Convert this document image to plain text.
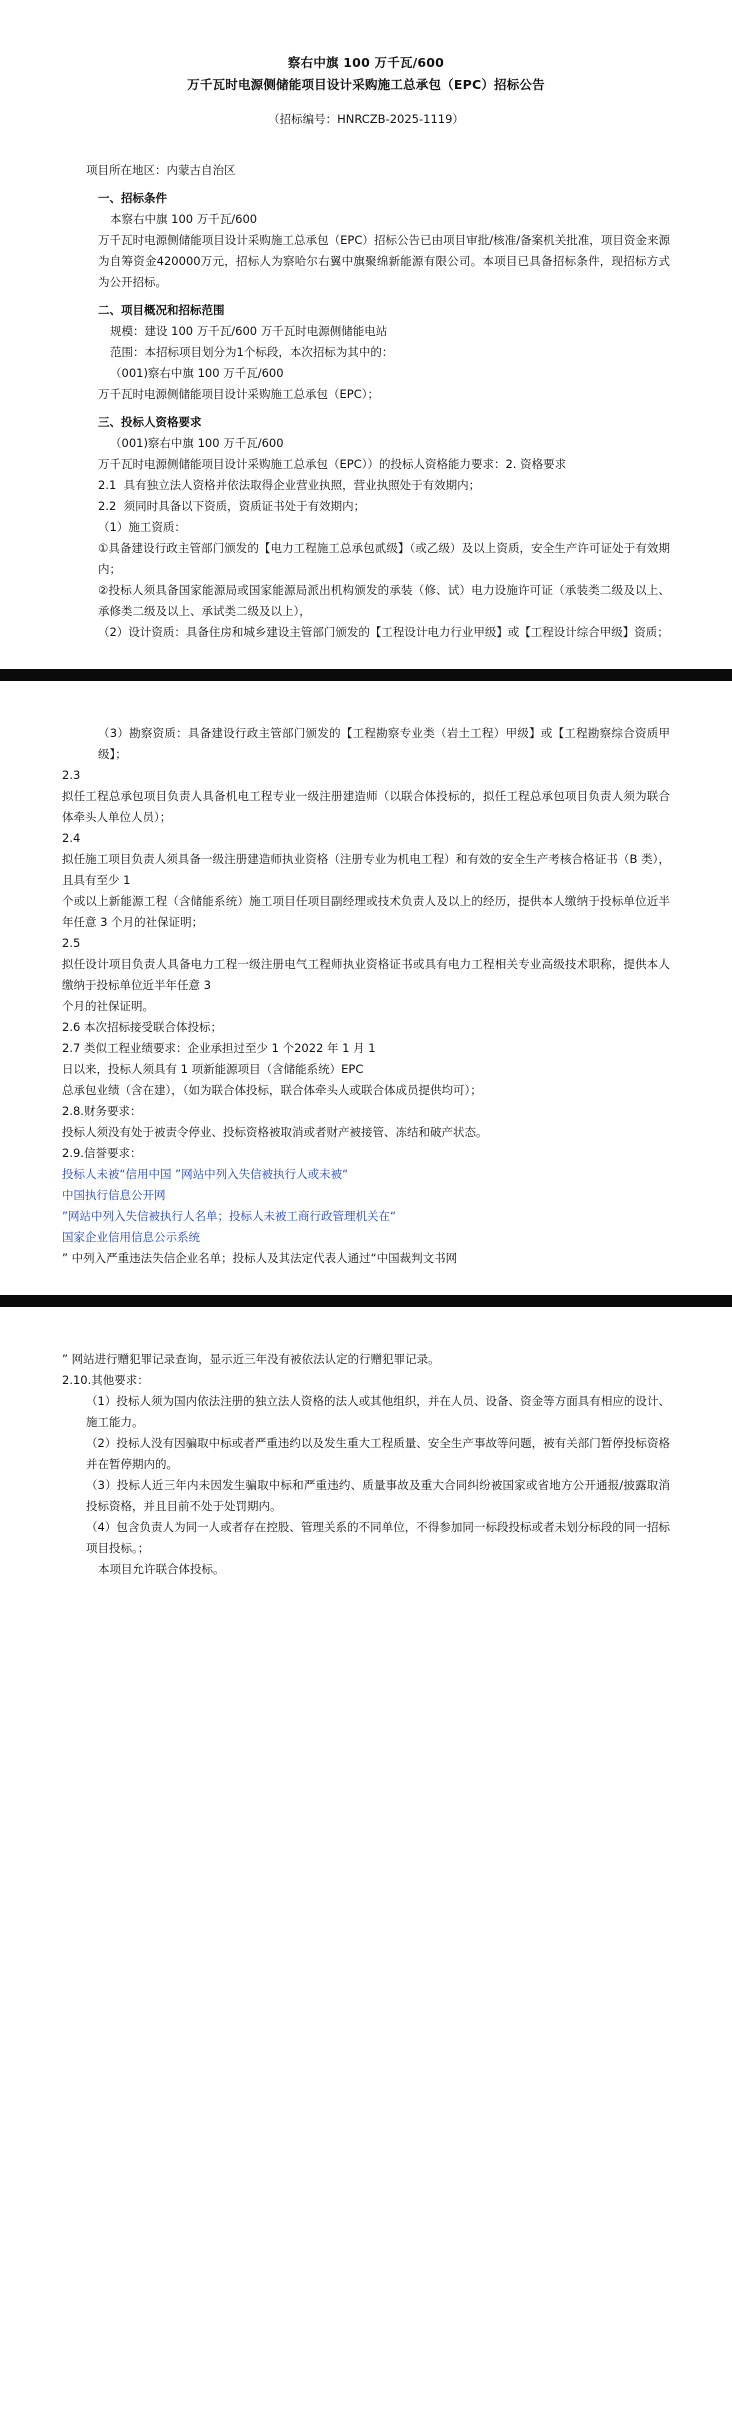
察右中旗 100 万千瓦/600
万千瓦时电源侧储能项目设计采购施工总承包（EPC）招标公告
（招标编号：HNRCZB-2025-1119）

项目所在地区：内蒙古自治区

一、招标条件

本察右中旗 100 万千瓦/600

万千瓦时电源侧储能项目设计采购施工总承包（EPC）招标公告已由项目审批/核准/备案机关批准，项目资金来源为自筹资金420000万元，招标人为察哈尔右翼中旗聚绵新能源有限公司。本项目已具备招标条件，现招标方式为公开招标。

二、项目概况和招标范围

规模：建设 100 万千瓦/600 万千瓦时电源侧储能电站

范围：本招标项目划分为1个标段，本次招标为其中的：

（001)察右中旗 100 万千瓦/600

万千瓦时电源侧储能项目设计采购施工总承包（EPC）；

三、投标人资格要求

（001)察右中旗 100 万千瓦/600

万千瓦时电源侧储能项目设计采购施工总承包（EPC））的投标人资格能力要求：2. 资格要求

2.1 具有独立法人资格并依法取得企业营业执照，营业执照处于有效期内；

2.2 须同时具备以下资质，资质证书处于有效期内；

（1）施工资质：

①具备建设行政主管部门颁发的【电力工程施工总承包贰级】（或乙级）及以上资质，安全生产许可证处于有效期内；

②投标人须具备国家能源局或国家能源局派出机构颁发的承装（修、试）电力设施许可证（承装类二级及以上、承修类二级及以上、承试类二级及以上），

（2）设计资质：具备住房和城乡建设主管部门颁发的【工程设计电力行业甲级】或【工程设计综合甲级】资质；

（3）勘察资质：具备建设行政主管部门颁发的【工程勘察专业类（岩土工程）甲级】或【工程勘察综合资质甲级】；

2.3

拟任工程总承包项目负责人具备机电工程专业一级注册建造师（以联合体投标的，拟任工程总承包项目负责人须为联合体牵头人单位人员）；

2.4

拟任施工项目负责人须具备一级注册建造师执业资格（注册专业为机电工程）和有效的安全生产考核合格证书（B 类），且具有至少 1

个或以上新能源工程（含储能系统）施工项目任项目副经理或技术负责人及以上的经历，提供本人缴纳于投标单位近半年任意 3 个月的社保证明；

2.5

拟任设计项目负责人具备电力工程一级注册电气工程师执业资格证书或具有电力工程相关专业高级技术职称，提供本人缴纳于投标单位近半年任意 3

个月的社保证明。

2.6 本次招标接受联合体投标；

2.7 类似工程业绩要求：企业承担过至少 1 个2022 年 1 月 1

日以来，投标人须具有 1 项新能源项目（含储能系统）EPC

总承包业绩（含在建），（如为联合体投标，联合体牵头人或联合体成员提供均可）；

2.8.财务要求：

投标人须没有处于被责令停业、投标资格被取消或者财产被接管、冻结和破产状态。

2.9.信誉要求：

投标人未被“信用中国 ”网站中列入失信被执行人或未被“

中国执行信息公开网

”网站中列入失信被执行人名单；投标人未被工商行政管理机关在“

国家企业信用信息公示系统

” 中列入严重违法失信企业名单；投标人及其法定代表人通过“中国裁判文书网

” 网站进行赠犯罪记录查询，显示近三年没有被依法认定的行赠犯罪记录。

2.10.其他要求：

（1）投标人须为国内依法注册的独立法人资格的法人或其他组织，并在人员、设备、资金等方面具有相应的设计、施工能力。

（2）投标人没有因骗取中标或者严重违约以及发生重大工程质量、安全生产事故等问题，被有关部门暂停投标资格并在暂停期内的。

（3）投标人近三年内未因发生骗取中标和严重违约、质量事故及重大合同纠纷被国家或省地方公开通报/披露取消投标资格，并且目前不处于处罚期内。

（4）包含负责人为同一人或者存在控股、管理关系的不同单位，不得参加同一标段投标或者未划分标段的同一招标项目投标。；

本项目允许联合体投标。
